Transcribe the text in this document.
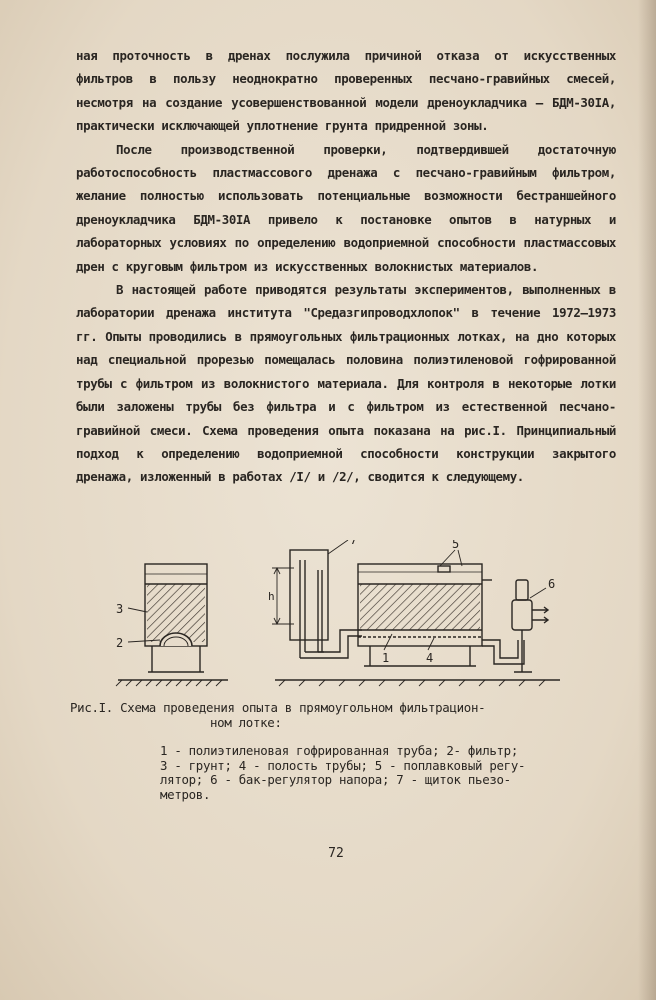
ная проточность в дренах послужила причиной отказа от искусственных фильтров в пользу неоднократно проверенных песчано-гравийных смесей, несмотря на создание усовершенствованной модели дреноукладчика – БДМ-30IA, практически исключающей уплотнение грунта придренной зоны.

После производственной проверки, подтвердившей достаточную работоспособность пластмассового дренажа с песчано-гравийным фильтром, желание полностью использовать потенциальные возможности бестраншейного дреноукладчика БДМ-30IA привело к постановке опытов в натурных и лабораторных условиях по определению водоприемной способности пластмассовых дрен с круговым фильтром из искусственных волокнистых материалов.

В настоящей работе приводятся результаты экспериментов, выполненных в лаборатории дренажа института "Средазгипроводхлопок" в течение 1972–1973 гг. Опыты проводились в прямоугольных фильтрационных лотках, на дно которых над специальной прорезью помещалась половина полиэтиленовой гофрированной трубы с фильтром из волокнистого материала. Для контроля в некоторые лотки были заложены трубы без фильтра и с фильтром из естественной песчано-гравийной смеси. Схема проведения опыта показана на рис.I. Принципиальный подход к определению водоприемной способности конструкции закрытого дренажа, изложенный в работах /I/ и /2/, сводится к следующему.

3
2
7
h
5
6
1	4
Рис.I. Схема проведения опыта в прямоугольном фильтрацион-
ном лотке:
1 - полиэтиленовая гофрированная труба; 2- фильтр;
3 - грунт; 4 - полость трубы; 5 - поплавковый регу-
лятор; 6 - бак-регулятор напора; 7 - щиток пьезо-
метров.
72
